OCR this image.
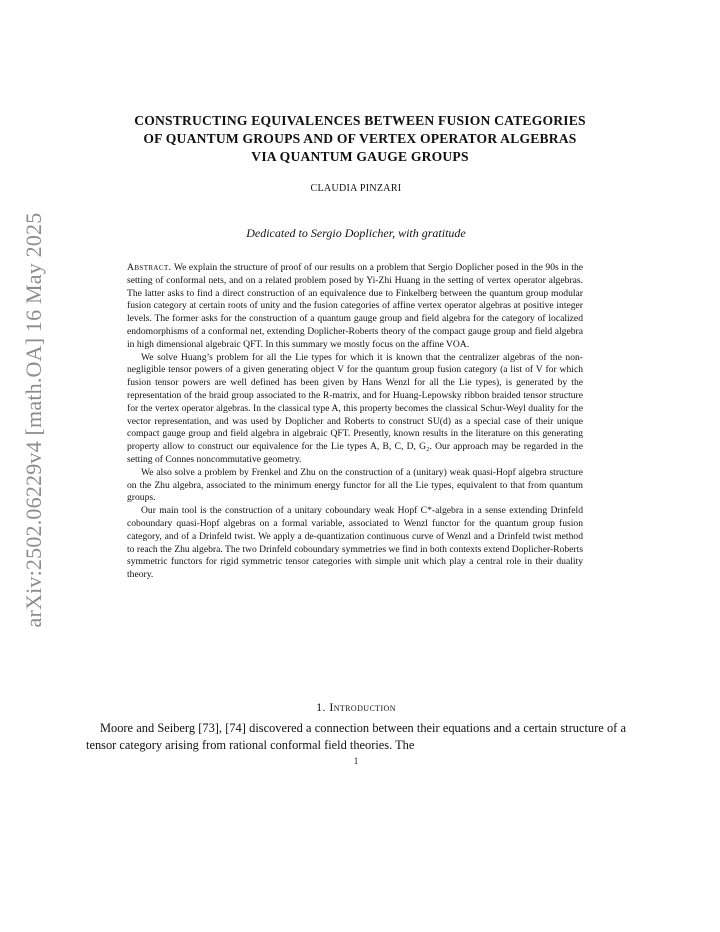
arXiv:2502.06229v4 [math.OA] 16 May 2025
CONSTRUCTING EQUIVALENCES BETWEEN FUSION CATEGORIES
OF QUANTUM GROUPS AND OF VERTEX OPERATOR ALGEBRAS
VIA QUANTUM GAUGE GROUPS
CLAUDIA PINZARI
Dedicated to Sergio Doplicher, with gratitude

Abstract. We explain the structure of proof of our results on a problem that Sergio Doplicher posed in the 90s in the setting of conformal nets, and on a related problem posed by Yi-Zhi Huang in the setting of vertex operator algebras. The latter asks to find a direct construction of an equivalence due to Finkelberg between the quantum group modular fusion category at certain roots of unity and the fusion categories of affine vertex operator algebras at positive integer levels. The former asks for the construction of a quantum gauge group and field algebra for the category of localized endomorphisms of a conformal net, extending Doplicher-Roberts theory of the compact gauge group and field algebra in high dimensional algebraic QFT. In this summary we mostly focus on the affine VOA.

We solve Huang’s problem for all the Lie types for which it is known that the centralizer algebras of the non-negligible tensor powers of a given generating object V for the quantum group fusion category (a list of V for which fusion tensor powers are well defined has been given by Hans Wenzl for all the Lie types), is generated by the representation of the braid group associated to the R-matrix, and for Huang-Lepowsky ribbon braided tensor structure for the vertex operator algebras. In the classical type A, this property becomes the classical Schur-Weyl duality for the vector representation, and was used by Doplicher and Roberts to construct SU(d) as a special case of their unique compact gauge group and field algebra in algebraic QFT. Presently, known results in the literature on this generating property allow to construct our equivalence for the Lie types A, B, C, D, G₂. Our approach may be regarded in the setting of Connes noncommutative geometry.

We also solve a problem by Frenkel and Zhu on the construction of a (unitary) weak quasi-Hopf algebra structure on the Zhu algebra, associated to the minimum energy functor for all the Lie types, equivalent to that from quantum groups.

Our main tool is the construction of a unitary coboundary weak Hopf C*-algebra in a sense extending Drinfeld coboundary quasi-Hopf algebras on a formal variable, associated to Wenzl functor for the quantum group fusion category, and of a Drinfeld twist. We apply a de-quantization continuous curve of Wenzl and a Drinfeld twist method to reach the Zhu algebra. The two Drinfeld coboundary symmetries we find in both contexts extend Doplicher-Roberts symmetric functors for rigid symmetric tensor categories with simple unit which play a central role in their duality theory.

1. Introduction

Moore and Seiberg [73], [74] discovered a connection between their equations and a certain structure of a tensor category arising from rational conformal field theories. The

1
